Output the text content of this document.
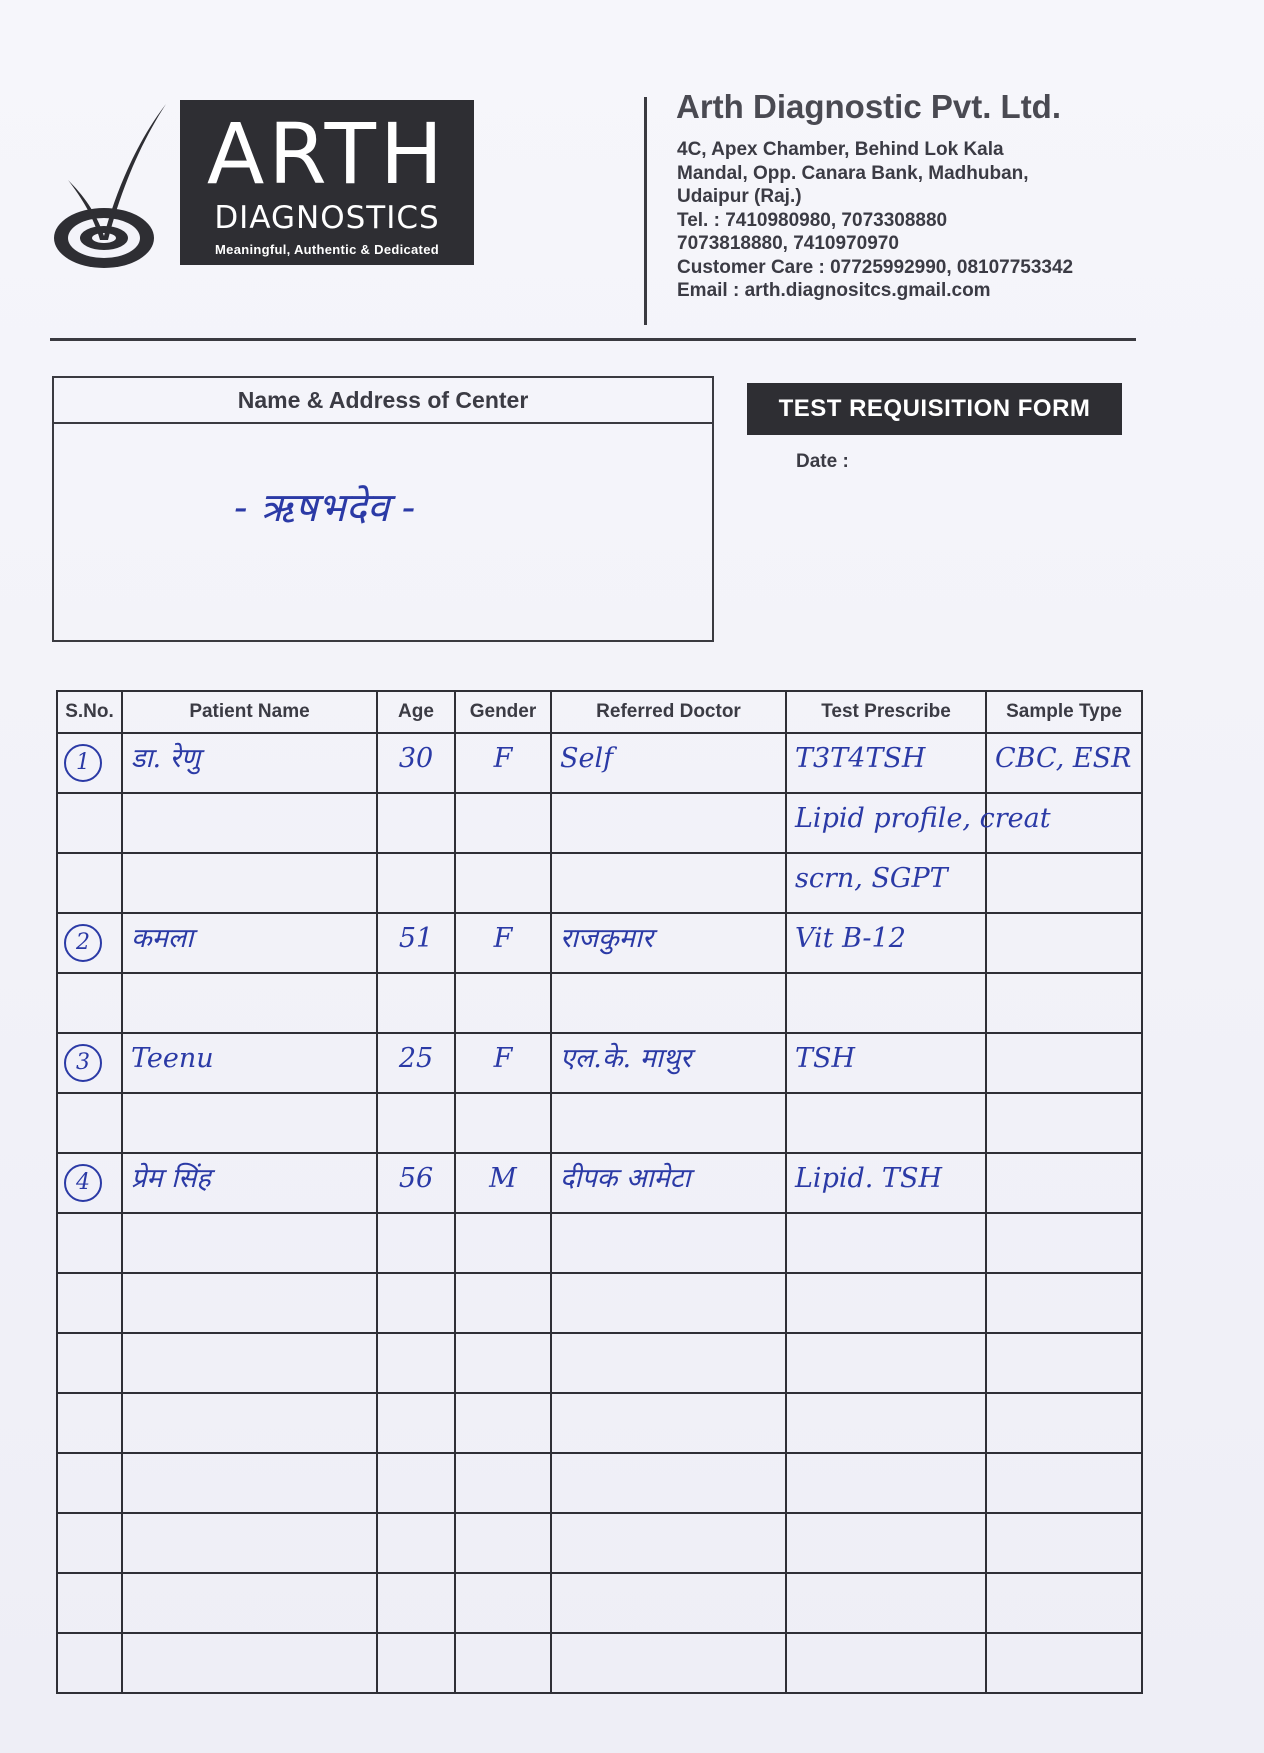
ARTH
DIAGNOSTICS
Meaningful, Authentic & Dedicated
Arth Diagnostic Pvt. Ltd.
4C, Apex Chamber, Behind Lok Kala
Mandal, Opp. Canara Bank, Madhuban,
Udaipur (Raj.)
Tel. : 7410980980, 7073308880
7073818880, 7410970970
Customer Care : 07725992990, 08107753342
Email : arth.diagnositcs.gmail.com
Name & Address of Center
- ऋषभदेव -
TEST REQUISITION FORM
Date :
S.No.	Patient Name	Age	Gender	Referred Doctor	Test Prescribe	Sample Type

1	डा. रेणु	30	F	Self	T3T4TSH	CBC, ESR

					Lipid profile, creat	

					scrn, SGPT	

2	कमला	51	F	राजकुमार	Vit B-12	

3	Teenu	25	F	एल.के. माथुर	TSH	

4	प्रेम सिंह	56	M	दीपक आमेटा	Lipid. TSH	
